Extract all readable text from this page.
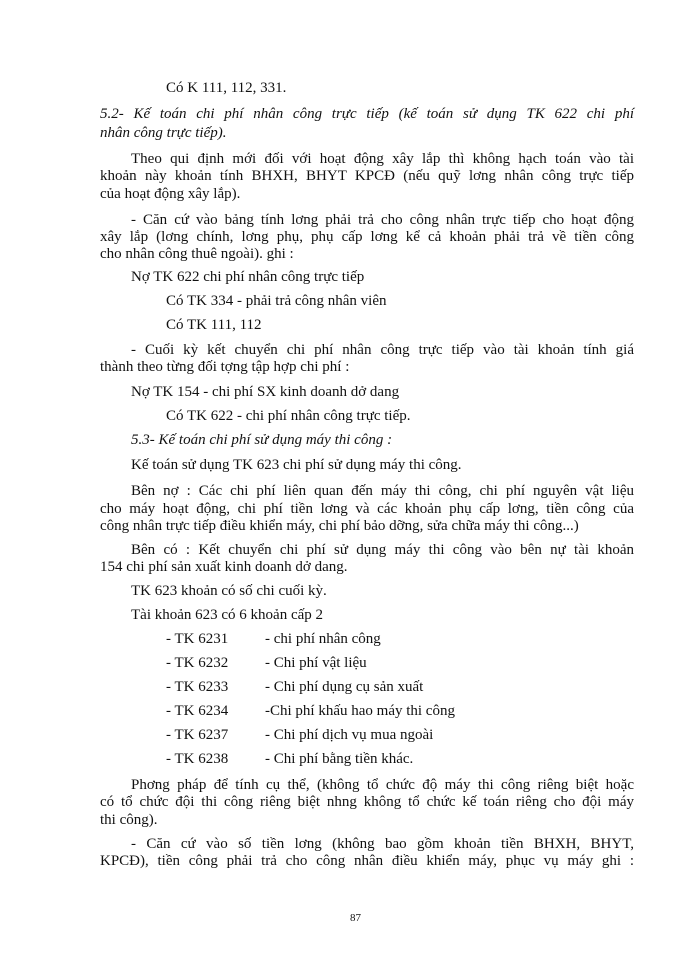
Có K 111, 112, 331.
5.2- Kế toán chi phí nhân công trực tiếp (kế toán sử dụng TK 622 chi phí
nhân công trực tiếp).
Theo qui định mới đối với hoạt động xây lắp thì không hạch toán vào tài
khoản này khoản tính BHXH, BHYT KPCĐ (nếu quỹ lơng nhân công trực tiếp
của hoạt động xây lắp).
- Căn cứ vào bảng tính lơng phải trả cho công nhân trực tiếp cho hoạt động
xây lắp (lơng chính, lơng phụ, phụ cấp lơng kể cả khoản phải trả về tiền công
cho nhân công thuê ngoài). ghi :
Nợ TK 622 chi phí nhân công trực tiếp
Có TK 334 - phải trả công nhân viên
Có TK 111, 112
- Cuối kỳ kết chuyển chi phí nhân công trực tiếp vào tài khoản tính giá
thành theo từng đối tợng tập hợp chi phí :
Nợ TK 154 - chi phí SX kinh doanh dở dang
Có TK 622 - chi phí nhân công trực tiếp.
5.3- Kế toán chi phí sử dụng máy thi công :
Kế toán sử dụng TK 623 chi phí sử dụng máy thi công.
Bên nợ : Các chi phí liên quan đến máy thi công, chi phí nguyên vật liệu
cho máy hoạt động, chi phí tiền lơng và các khoản phụ cấp lơng, tiền công của
công nhân trực tiếp điều khiển máy, chi phí bảo dỡng, sửa chữa máy thi công...)
Bên có : Kết chuyển chi phí sử dụng máy thi công vào bên nự tài khoản
154 chi phí sản xuất kinh doanh dở dang.
TK 623 khoản có số chi cuối kỳ.
Tài khoản 623 có 6 khoản cấp 2
- TK 6231 - chi phí nhân công
- TK 6232 - Chi phí vật liệu
- TK 6233 - Chi phí dụng cụ sản xuất
- TK 6234 -Chi phí khấu hao máy thi công
- TK 6237 - Chi phí dịch vụ mua ngoài
- TK 6238 - Chi phí bằng tiền khác.
Phơng pháp để tính cụ thể, (không tổ chức độ máy thi công riêng biệt hoặc
có tổ chức đội thi công riêng biệt nhng không tổ chức kế toán riêng cho đội máy
thi công).
- Căn cứ vào số tiền lơng (không bao gồm khoản tiền BHXH, BHYT,
KPCĐ), tiền công phải trả cho công nhân điều khiển máy, phục vụ máy ghi :
87
